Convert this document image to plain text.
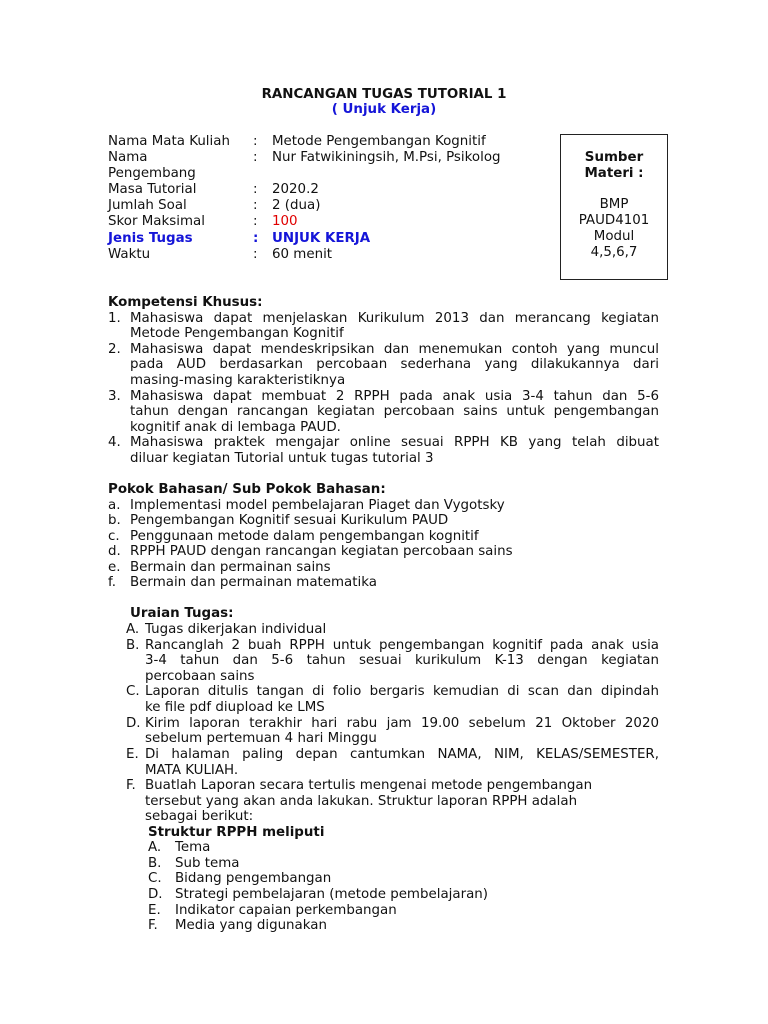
RANCANGAN TUGAS TUTORIAL 1
( Unjuk Kerja)
Nama Mata Kuliah : Metode Pengembangan Kognitif
Nama	: Nur Fatwikiningsih, M.Psi, Psikolog
Pengembang
Masa Tutorial	: 2020.2
Jumlah Soal	: 2 (dua)
Skor Maksimal	: 100
Jenis Tugas	: UNJUK KERJA
Waktu	: 60 menit
Sumber
Materi :
BMP
PAUD4101
Modul
4,5,6,7
Kompetensi Khusus:
1. Mahasiswa dapat menjelaskan Kurikulum 2013 dan merancang kegiatan
Metode Pengembangan Kognitif
2. Mahasiswa dapat mendeskripsikan dan menemukan contoh yang muncul
pada AUD berdasarkan percobaan sederhana yang dilakukannya dari
masing-masing karakteristiknya
3. Mahasiswa dapat membuat 2 RPPH pada anak usia 3-4 tahun dan 5-6
tahun dengan rancangan kegiatan percobaan sains untuk pengembangan
kognitif anak di lembaga PAUD.
4. Mahasiswa praktek mengajar online sesuai RPPH KB yang telah dibuat
diluar kegiatan Tutorial untuk tugas tutorial 3
Pokok Bahasan/ Sub Pokok Bahasan:
a. Implementasi model pembelajaran Piaget dan Vygotsky
b. Pengembangan Kognitif sesuai Kurikulum PAUD
c. Penggunaan metode dalam pengembangan kognitif
d. RPPH PAUD dengan rancangan kegiatan percobaan sains
e. Bermain dan permainan sains
f. Bermain dan permainan matematika
Uraian Tugas:
A. Tugas dikerjakan individual
B. Rancanglah 2 buah RPPH untuk pengembangan kognitif pada anak usia
3-4 tahun dan 5-6 tahun sesuai kurikulum K-13 dengan kegiatan
percobaan sains
C. Laporan ditulis tangan di folio bergaris kemudian di scan dan dipindah
ke file pdf diupload ke LMS
D. Kirim laporan terakhir hari rabu jam 19.00 sebelum 21 Oktober 2020
sebelum pertemuan 4 hari Minggu
E. Di halaman paling depan cantumkan NAMA, NIM, KELAS/SEMESTER,
MATA KULIAH.
F. Buatlah Laporan secara tertulis mengenai metode pengembangan
tersebut yang akan anda lakukan. Struktur laporan RPPH adalah
sebagai berikut:
Struktur RPPH meliputi
A. Tema
B. Sub tema
C. Bidang pengembangan
D. Strategi pembelajaran (metode pembelajaran)
E. Indikator capaian perkembangan
F. Media yang digunakan
